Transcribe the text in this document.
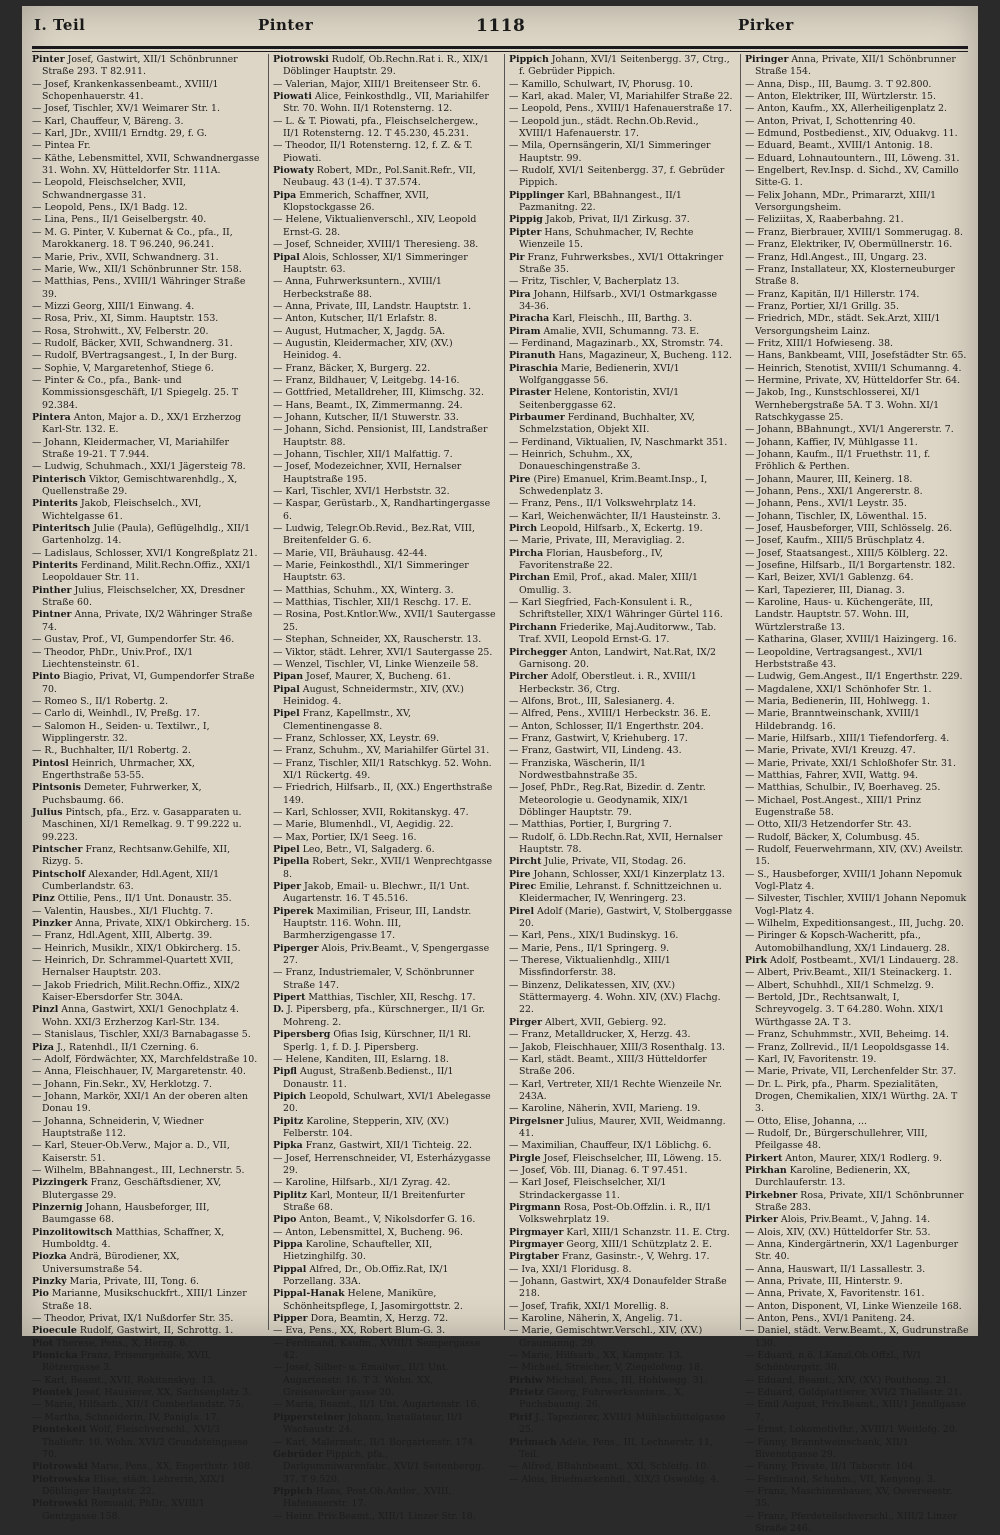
I. Teil	Pinter	1118	Pirker

Pinter Josef, Gastwirt, XII/1 Schönbrunner Straße 293. T 82.911.

— Josef, Krankenkassenbeamt., XVIII/1 Schopenhauerstr. 41.

— Josef, Tischler, XV/1 Weimarer Str. 1.

— Karl, Chauffeur, V, Bäreng. 3.

— Karl, JDr., XVIII/1 Erndtg. 29, f. G.

— Pintea Fr.

— Käthe, Lebensmittel, XVII, Schwandnergasse 31. Wohn. XV, Hütteldorfer Str. 111A.

— Leopold, Fleischselcher, XVII, Schwandnergasse 31.

— Leopold, Pens., IX/1 Badg. 12.

— Lina, Pens., II/1 Geiselbergstr. 40.

— M. G. Pinter, V. Kubernat & Co., pfa., II, Marokkanerg. 18. T 96.240, 96.241.

— Marie, Priv., XVII, Schwandnerg. 31.

— Marie, Ww., XII/1 Schönbrunner Str. 158.

— Matthias, Pens., XVIII/1 Währinger Straße 39.

— Mizzi Georg, XIII/1 Einwang. 4.

— Rosa, Priv., XI, Simm. Hauptstr. 153.

— Rosa, Strohwitt., XV, Felberstr. 20.

— Rudolf, Bäcker, XVII, Schwandnerg. 31.

— Rudolf, BVertragsangest., I, In der Burg.

— Sophie, V, Margaretenhof, Stiege 6.

— Pinter & Co., pfa., Bank- und Kommissionsgeschäft, I/1 Spiegelg. 25. T 92.384.

Pintera Anton, Major a. D., XX/1 Erzherzog Karl-Str. 132. E.

— Johann, Kleidermacher, VI, Mariahilfer Straße 19-21. T 7.944.

— Ludwig, Schuhmach., XXI/1 Jägersteig 78.

Pinterisch Viktor, Gemischtwarenhdlg., X, Quellenstraße 29.

Pinterits Jakob, Fleischselch., XVI, Wichtelgasse 61.

Pinteritsch Julie (Paula), Geflügelhdlg., XII/1 Gartenholzg. 14.

— Ladislaus, Schlosser, XVI/1 Kongreßplatz 21.

Pinterits Ferdinand, Milit.Rechn.Offiz., XXI/1 Leopoldauer Str. 11.

Pinther Julius, Fleischselcher, XX, Dresdner Straße 60.

Pintner Anna, Private, IX/2 Währinger Straße 74.

— Gustav, Prof., VI, Gumpendorfer Str. 46.

— Theodor, PhDr., Univ.Prof., IX/1 Liechtensteinstr. 61.

Pinto Biagio, Privat, VI, Gumpendorfer Straße 70.

— Romeo S., II/1 Robertg. 2.

— Carlo di, Weinhdl., IV, Preßg. 17.

— Salomon H., Seiden- u. Textilwr., I, Wipplingerstr. 32.

— R., Buchhalter, II/1 Robertg. 2.

Pintosl Heinrich, Uhrmacher, XX, Engerthstraße 53-55.

Pintsonis Demeter, Fuhrwerker, X, Puchsbaumg. 66.

Julius Pintsch, pfa., Erz. v. Gasapparaten u. Maschinen, XI/1 Remelkag. 9. T 99.222 u. 99.223.

Pintscher Franz, Rechtsanw.Gehilfe, XII, Rizyg. 5.

Pintscholf Alexander, Hdl.Agent, XII/1 Cumberlandstr. 63.

Pinz Ottilie, Pens., II/1 Unt. Donaustr. 35.

— Valentin, Hausbes., XI/1 Fluchtg. 7.

Pinzker Anna, Private, XIX/1 Obkircherg. 15.

— Franz, Hdl.Agent, XIII, Albertg. 39.

— Heinrich, Musiklr., XIX/1 Obkircherg. 15.

— Heinrich, Dr. Schrammel-Quartett XVII, Hernalser Hauptstr. 203.

— Jakob Friedrich, Milit.Rechn.Offiz., XIX/2 Kaiser-Ebersdorfer Str. 304A.

Pinzl Anna, Gastwirt, XXI/1 Genochplatz 4. Wohn. XXI/3 Erzherzog Karl-Str. 134.

— Stanislaus, Tischler, XXI/3 Barnabagasse 5.

Piza J., Ratenhdl., II/1 Czerning. 6.

— Adolf, Fördwächter, XX, Marchfeldstraße 10.

— Anna, Fleischhauer, IV, Margaretenstr. 40.

— Johann, Fin.Sekr., XV, Herklotzg. 7.

— Johann, Markör, XXI/1 An der oberen alten Donau 19.

— Johanna, Schneiderin, V, Wiedner Hauptstraße 112.

— Karl, Steuer-Ob.Verw., Major a. D., VII, Kaiserstr. 51.

— Wilhelm, BBahnangest., III, Lechnerstr. 5.

Pizzingerk Franz, Geschäftsdiener, XV, Blutergasse 29.

Pinzernig Johann, Hausbeforger, III, Baumgasse 68.

Pinzolitowitsch Matthias, Schaffner, X, Humboldtg. 4.

Piozka Andrä, Bürodiener, XX, Universumstraße 54.

Pinzky Maria, Private, III, Tong. 6.

Pio Marianne, Musikschuckfrt., XIII/1 Linzer Straße 18.

— Theodor, Privat, IX/1 Nußdorfer Str. 35.

Pioecule Rudolf, Gastwirt, II, Schrottg. 1.

Piot Therese, Pens., X, Herzg. 6.

Pionicka Franz, Friseurgehilfe, XVII, Rötzergasse 3.

— Karl, Beamt., XVII, Rokitanskyg. 13.

Piontek Josef, Hausierer, XX, Sachsenplatz 3.

— Marie, Hilfsarb., XII/1 Cumberlandstr. 75.

— Martha, Schneiderin, IV, Panigla. 17.

Piontekeit Wolf, Fleischverschl., XVI/3 Thalieftr. 10. Wohn. XVI/2 Grundsteingasse 70.

Piotrowski Marie, Pens., XX, Engerthstr. 108.

Piotrowska Elise, städt. Lehrerin, XIX/1 Döblinger Hauptstr. 22.

Piotrowski Romuald, PhDr., XVIII/1 Gentzgasse 158.

Piotrowski Rudolf, Ob.Rechn.Rat i. R., XIX/1 Döblinger Hauptstr. 29.

— Valerian, Major, XIII/1 Breitenseer Str. 6.

Piowati Alice, Feinkosthdlg., VII, Mariahilfer Str. 70. Wohn. II/1 Rotensterng. 12.

— L. & T. Piowati, pfa., Fleischselchergew., II/1 Rotensterng. 12. T 45.230, 45.231.

— Theodor, II/1 Rotensterng. 12, f. Z. & T. Piowati.

Piowaty Robert, MDr., Pol.Sanit.Refr., VII, Neubaug. 43 (1-4). T 37.574.

Pipa Emmerich, Schaffner, XVII, Klopstockgasse 26.

— Helene, Viktualienverschl., XIV, Leopold Ernst-G. 28.

— Josef, Schneider, XVIII/1 Theresieng. 38.

Pipal Alois, Schlosser, XI/1 Simmeringer Hauptstr. 63.

— Anna, Fuhrwerksuntern., XVIII/1 Herbeckstraße 88.

— Anna, Private, III, Landstr. Hauptstr. 1.

— Anton, Kutscher, II/1 Erlafstr. 8.

— August, Hutmacher, X, Jagdg. 5A.

— Augustin, Kleidermacher, XIV, (XV.) Heinidog. 4.

— Franz, Bäcker, X, Burgerg. 22.

— Franz, Bildhauer, V, Leitgebg. 14-16.

— Gottfried, Metalldreher, III, Klimschg. 32.

— Hans, Beamt., IX, Zimmermanng. 24.

— Johann, Kutscher, II/1 Stuwerstr. 33.

— Johann, Sichd. Pensionist, III, Landstraßer Hauptstr. 88.

— Johann, Tischler, XII/1 Malfattig. 7.

— Josef, Modezeichner, XVII, Hernalser Hauptstraße 195.

— Karl, Tischler, XVI/1 Herbststr. 32.

— Kaspar, Gerüstarb., X, Randhartingergasse 6.

— Ludwig, Telegr.Ob.Revid., Bez.Rat, VIII, Breitenfelder G. 6.

— Marie, VII, Bräuhausg. 42-44.

— Marie, Feinkosthdl., XI/1 Simmeringer Hauptstr. 63.

— Matthias, Schuhm., XX, Winterg. 3.

— Matthias, Tischler, XII/1 Reschg. 17. E.

— Rosina, Post.Kntlor.Ww., XVII/1 Sautergasse 25.

— Stephan, Schneider, XX, Rauscherstr. 13.

— Viktor, städt. Lehrer, XVI/1 Sautergasse 25.

— Wenzel, Tischler, VI, Linke Wienzeile 58.

Pipan Josef, Maurer, X, Bucheng. 61.

Pipal August, Schneidermstr., XIV, (XV.) Heinidog. 4.

Pipel Franz, Kapellmstr., XV, Clementinengasse 8.

— Franz, Schlosser, XX, Leystr. 69.

— Franz, Schuhm., XV, Mariahilfer Gürtel 31.

— Franz, Tischler, XII/1 Ratschkyg. 52. Wohn. XI/1 Rückertg. 49.

— Friedrich, Hilfsarb., II, (XX.) Engerthstraße 149.

— Karl, Schlosser, XVII, Rokitanskyg. 47.

— Marie, Blumenhdl., VI, Aegidig. 22.

— Max, Portier, IX/1 Seeg. 16.

Pipel Leo, Betr., VI, Salgaderg. 6.

Pipella Robert, Sekr., XVII/1 Wenprechtgasse 8.

Piper Jakob, Email- u. Blechwr., II/1 Unt. Augartenstr. 16. T 45.516.

Piperek Maximilian, Friseur, III, Landstr. Hauptstr. 116. Wohn. III, Barmherzigengasse 17.

Piperger Alois, Priv.Beamt., V, Spengergasse 27.

— Franz, Industriemaler, V, Schönbrunner Straße 147.

Pipert Matthias, Tischler, XII, Reschg. 17.

D. J. Pipersberg, pfa., Kürschnerger., II/1 Gr. Mohreng. 2.

Pipersberg Ofias Isig, Kürschner, II/1 Rl. Sperlg. 1, f. D. J. Pipersberg.

— Helene, Kanditen, III, Eslarng. 18.

Pipfl August, Straßenb.Bedienst., II/1 Donaustr. 11.

Pipich Leopold, Schulwart, XVI/1 Abelegasse 20.

Pipitz Karoline, Stepperin, XIV, (XV.) Felberstr. 104.

Pipka Franz, Gastwirt, XII/1 Tichteig. 22.

— Josef, Herrenschneider, VI, Esterházygasse 29.

— Karoline, Hilfsarb., XI/1 Zyrag. 42.

Piplitz Karl, Monteur, II/1 Breitenfurter Straße 68.

Pipo Anton, Beamt., V, Nikolsdorfer G. 16.

— Anton, Lebensmittel, X, Bucheng. 96.

Pippa Karoline, Schaufteller, XII, Hietzinghilfg. 30.

Pippal Alfred, Dr., Ob.Offiz.Rat, IX/1 Porzellang. 33A.

Pippal-Hanak Helene, Maniküre, Schönheitspflege, I, Jasomirgottstr. 2.

Pipper Dora, Beamtin, X, Herzg. 72.

— Eva, Pens., XX, Robert Blum-G. 3.

— Ferdinand, Kaufm., XVIII/1 Sempergasse 42.

— Josef, Silber- u. Emailwr., II/1 Unt. Augartenstr. 16. T 3. Wohn. XX, Greisenecker gasse 20.

— Maria, Beamt., II/1 Unt. Augartenstr. 16.

Pippersteiner Johann, Installateur, II/1 Wachaustr. 24.

— Karl, Malermstr., II/1 Borgartenstr. 174.

Gebrüder Pippich, pfa., Darlgummiwarenfabr., XVI/1 Seitenbergg. 37. T 9.520.

Pippich Hans, Post.Ob.Antlor., XVIII, Hafenauerstr. 17.

— Heinr. Priv.Beamt., XIII/1 Linzer Str. 18.

Pippich Johann, XVI/1 Seitenbergg. 37, Ctrg., f. Gebrüder Pippich.

— Kamillo, Schulwart, IV, Phorusg. 10.

— Karl, akad. Maler, VI, Mariahilfer Straße 22.

— Leopold, Pens., XVIII/1 Hafenauerstraße 17.

— Leopold jun., städt. Rechn.Ob.Revid., XVIII/1 Hafenauerstr. 17.

— Mila, Opernsängerin, XI/1 Simmeringer Hauptstr. 99.

— Rudolf, XVI/1 Seitenbergg. 37, f. Gebrüder Pippich.

Pipplinger Karl, BBahnangest., II/1 Pazmanitng. 22.

Pippig Jakob, Privat, II/1 Zirkusg. 37.

Pipter Hans, Schuhmacher, IV, Rechte Wienzeile 15.

Pir Franz, Fuhrwerksbes., XVI/1 Ottakringer Straße 35.

— Fritz, Tischler, V, Bacherplatz 13.

Pira Johann, Hilfsarb., XVI/1 Ostmarkgasse 34-36.

Piracha Karl, Fleischh., III, Barthg. 3.

Piram Amalie, XVII, Schumanng. 73. E.

— Ferdinand, Magazinarb., XX, Stromstr. 74.

Piranuth Hans, Magazineur, X, Bucheng. 112.

Piraschia Marie, Bedienerin, XVI/1 Wolfganggasse 56.

Piraster Helene, Kontoristin, XVI/1 Seitenberggasse 62.

Pirbaumer Ferdinand, Buchhalter, XV, Schmelzstation, Objekt XII.

— Ferdinand, Viktualien, IV, Naschmarkt 351.

— Heinrich, Schuhm., XX, Donaueschingenstraße 3.

Pire (Pire) Emanuel, Krim.Beamt.Insp., I, Schwedenplatz 3.

— Franz, Pens., II/1 Volkswehrplatz 14.

— Karl, Weichenwächter, II/1 Hausteinstr. 3.

Pirch Leopold, Hilfsarb., X, Eckertg. 19.

— Marie, Private, III, Meravigliag. 2.

Pircha Florian, Hausbeforg., IV, Favoritenstraße 22.

Pirchan Emil, Prof., akad. Maler, XIII/1 Omullig. 3.

— Karl Siegfried, Fach-Konsulent i. R., Schriftsteller, XIX/1 Währinger Gürtel 116.

Pirchann Friederike, Maj.Auditorww., Tab. Traf. XVII, Leopold Ernst-G. 17.

Pirchegger Anton, Landwirt, Nat.Rat, IX/2 Garnisong. 20.

Pircher Adolf, Oberstleut. i. R., XVIII/1 Herbeckstr. 36, Ctrg.

— Alfons, Brot., III, Salesianerg. 4.

— Alfred, Pens., XVIII/1 Herbeckstr. 36. E.

— Anton, Schlosser, II/1 Engerthstr. 204.

— Franz, Gastwirt, V, Kriehuberg. 17.

— Franz, Gastwirt, VII, Lindeng. 43.

— Franziska, Wäscherin, II/1 Nordwestbahnstraße 35.

— Josef, PhDr., Reg.Rat, Bizedir. d. Zentr. Meteorologie u. Geodynamik, XIX/1 Döblinger Hauptstr. 79.

— Matthias, Portier, I, Burgring 7.

— Rudolf, ö. LDb.Rechn.Rat, XVII, Hernalser Hauptstr. 78.

Pircht Julie, Private, VII, Stodag. 26.

Pire Johann, Schlosser, XXI/1 Kinzerplatz 13.

Pirec Emilie, Lehranst. f. Schnittzeichnen u. Kleidermacher, IV, Wenringerg. 23.

Pirel Adolf (Marie), Gastwirt, V, Stolberggasse 20.

— Karl, Pens., XIX/1 Budinskyg. 16.

— Marie, Pens., II/1 Springerg. 9.

— Therese, Viktualienhdlg., XIII/1 Missfindorferstr. 38.

— Binzenz, Delikatessen, XIV, (XV.) Stättermayerg. 4. Wohn. XIV, (XV.) Flachg. 22.

Pirger Albert, XVII, Gebierg. 92.

— Franz, Metalldrucker, X, Herzg. 43.

— Jakob, Fleischhauer, XIII/3 Rosenthalg. 13.

— Karl, städt. Beamt., XIII/3 Hütteldorfer Straße 206.

— Karl, Vertreter, XII/1 Rechte Wienzeile Nr. 243A.

— Karoline, Näherin, XVII, Marieng. 19.

Pirgelsner Julius, Maurer, XVII, Weidmanng. 41.

— Maximilian, Chauffeur, IX/1 Löblichg. 6.

Pirgle Josef, Fleischselcher, III, Löweng. 15.

— Josef, Vöb. III, Dianag. 6. T 97.451.

— Karl Josef, Fleischselcher, XI/1 Strindackergasse 11.

Pirgmann Rosa, Post-Ob.Offzlin. i. R., II/1 Volkswehrplatz 19.

Pirgmayer Karl, XIII/1 Schanzstr. 11. E. Ctrg.

Pirgmayer Georg, XIII/1 Schützplatz 2. E.

Pirgtaber Franz, Gasinstr.-, V, Wehrg. 17.

— Iva, XXI/1 Floridusg. 8.

— Johann, Gastwirt, XX/4 Donaufelder Straße 218.

— Josef, Trafik, XXI/1 Morellig. 8.

— Karoline, Näherin, X, Angelig. 71.

— Marie, Gemischtwr.Verschl., XIV, (XV.) Graumanng. 29.

— Marie, Hilfsarb., XX, Kampstr. 13.

— Michael, Streicher, V, Ziegelofeng. 18.

Pirhiw Michael, Pens., III, Hohlwegg. 31.

Pirietz Georg, Fuhrwerksuntern., X, Puchsbaumg. 26.

Pirif J., Tapezierer, XVII/1 Mühlschüttelgasse 25.

Pirimach Adele, Pens., III, Lechnerstr. 11, Teil.

— Alfred, BBahnbeamt., XXI, Schleifg. 10.

— Alois, Briefmarkenhdl., XIX/3 Oswoldg. 4.

Piringer Anna, Private, XII/1 Schönbrunner Straße 154.

— Anna, Disp., III, Baumg. 3. T 92.800.

— Anton, Elektriker, III, Würtzlerstr. 15.

— Anton, Kaufm., XX, Allerheiligenplatz 2.

— Anton, Privat, I, Schottenring 40.

— Edmund, Postbedienst., XIV, Oduakvg. 11.

— Eduard, Beamt., XVIII/1 Antonig. 18.

— Eduard, Lohnautountern., III, Löweng. 31.

— Engelbert, Rev.Insp. d. Sichd., XV, Camillo Sitte-G. 1.

— Felix Johann, MDr., Primararzt, XIII/1 Versorgungsheim.

— Feliziitas, X, Raaberbahng. 21.

— Franz, Bierbrauer, XVIII/1 Sommerugag. 8.

— Franz, Elektriker, IV, Obermüllnerstr. 16.

— Franz, Hdl.Angest., III, Ungarg. 23.

— Franz, Installateur, XX, Klosterneuburger Straße 8.

— Franz, Kapitän, II/1 Hillerstr. 174.

— Franz, Portier, XI/1 Grillg. 35.

— Friedrich, MDr., städt. Sek.Arzt, XIII/1 Versorgungsheim Lainz.

— Fritz, XIII/1 Hofwieseng. 38.

— Hans, Bankbeamt, VIII, Josefstädter Str. 65.

— Heinrich, Stenotist, XVIII/1 Schumanng. 4.

— Hermine, Private, XV, Hütteldorfer Str. 64.

— Jakob, Ing., Kunstschlosserei, XI/1 Wernhebergstraße 5A. T 3. Wohn. XI/1 Ratschkygasse 25.

— Johann, BBahnungt., XVI/1 Angererstr. 7.

— Johann, Kaffier, IV, Mühlgasse 11.

— Johann, Kaufm., II/1 Fruethstr. 11, f. Fröhlich & Perthen.

— Johann, Maurer, III, Keinerg. 18.

— Johann, Pens., XXI/1 Angererstr. 8.

— Johann, Pens., XVI/1 Leystr. 35.

— Johann, Tischler, IX, Löwenthal. 15.

— Josef, Hausbeforger, VIII, Schlösselg. 26.

— Josef, Kaufm., XIII/5 Brüschplatz 4.

— Josef, Staatsangest., XIII/5 Kölblerg. 22.

— Josefine, Hilfsarb., II/1 Borgartenstr. 182.

— Karl, Beizer, XVI/1 Gablenzg. 64.

— Karl, Tapezierer, III, Dianag. 3.

— Karoline, Haus- u. Küchengeräte, III, Landstr. Hauptstr. 57. Wohn. III, Würtzlerstraße 13.

— Katharina, Glaser, XVIII/1 Haizingerg. 16.

— Leopoldine, Vertragsangest., XVI/1 Herbststraße 43.

— Ludwig, Gem.Angest., II/1 Engerthstr. 229.

— Magdalene, XXI/1 Schönhofer Str. 1.

— Maria, Bedienerin, III, Hohlwegg. 1.

— Marie, Branntweinschank, XVIII/1 Hildebrandg. 16.

— Marie, Hilfsarb., XIII/1 Tiefendorferg. 4.

— Marie, Private, XVI/1 Kreuzg. 47.

— Marie, Private, XXI/1 Schloßhofer Str. 31.

— Matthias, Fahrer, XVII, Wattg. 94.

— Matthias, Schulbir., IV, Boerhaveg. 25.

— Michael, Post.Angest., XIII/1 Prinz Eugenstraße 58.

— Otto, XII/3 Hetzendorfer Str. 43.

— Rudolf, Bäcker, X, Columbusg. 45.

— Rudolf, Feuerwehrmann, XIV, (XV.) Aveilstr. 15.

— S., Hausbeforger, XVIII/1 Johann Nepomuk Vogl-Platz 4.

— Silvester, Tischler, XVIII/1 Johann Nepomuk Vogl-Platz 4.

— Wilhelm, Expeditionsangest., III, Juchg. 20.

— Piringer & Kopsch-Wacheritt, pfa., Automobilhandlung, XX/1 Lindauerg. 28.

Pirk Adolf, Postbeamt., XVI/1 Lindauerg. 28.

— Albert, Priv.Beamt., XII/1 Steinackerg. 1.

— Albert, Schuhhdl., XII/1 Schmelzg. 9.

— Bertold, JDr., Rechtsanwalt, I, Schreyvogelg. 3. T 64.280. Wohn. XIX/1 Würthgasse 2A. T 3.

— Franz, Schuhmmstr., XVII, Beheimg. 14.

— Franz, Zollrevid., II/1 Leopoldsgasse 14.

— Karl, IV, Favoritenstr. 19.

— Marie, Private, VII, Lerchenfelder Str. 37.

— Dr. L. Pirk, pfa., Pharm. Spezialitäten, Drogen, Chemikalien, XIX/1 Würthg. 2A. T 3.

— Otto, Elise, Johanna, ...

— Rudolf, Dr., Bürgerschullehrer, VIII, Pfeilgasse 48.

Pirkert Anton, Maurer, XIX/1 Rodlerg. 9.

Pirkhan Karoline, Bedienerin, XX, Durchlauferstr. 13.

Pirkebner Rosa, Private, XII/1 Schönbrunner Straße 283.

Pirker Alois, Priv.Beamt., V, Jahng. 14.

— Alois, XIV, (XV.) Hütteldorfer Str. 53.

— Anna, Kindergärtnerin, XX/1 Lagenburger Str. 40.

— Anna, Hauswart, II/1 Lassallestr. 3.

— Anna, Private, III, Hinterstr. 9.

— Anna, Private, X, Favoritenstr. 161.

— Anton, Disponent, VI, Linke Wienzeile 168.

— Anton, Pens., XVI/1 Paniteng. 24.

— Daniel, städt. Verw.Beamt., X, Gudrunstraße 130.

— Eduard, n.ö. LKanzl.Ob.Offzl., IV/1 Schönburgstr. 30.

— Eduard, Beamt., XIV, (XV.) Pouthong. 21.

— Eduard, Goldplattierer, XVI/2 Thaliastr. 21.

— Emil August, Priv.Beamt., XIII/1 Jenullgasse 7.

— Ernst, Lokomotivfhr., XVIII/1 Weitlofg. 20.

— Fanny, Branntweinschank, XII/1 Bivenotgasse 29.

— Fanny, Private, II/1 Taborstr. 104.

— Ferdinand, Schuhm., VII, Kenyong. 3.

— Franz, Maschinenbauer, XV, Oeverseestr. 35.

— Franz, Pferdeteilschverschl., XIII/2 Linzer Straße 246.
